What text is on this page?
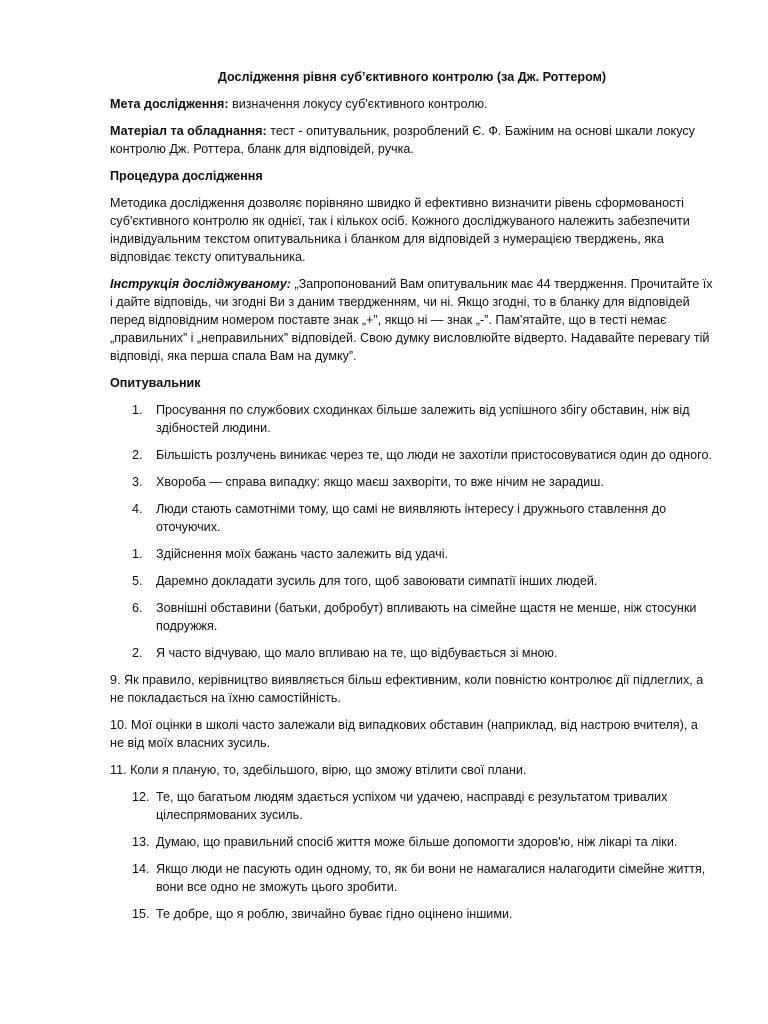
Дослідження рівня суб’єктивного контролю (за Дж. Роттером)

Мета дослідження: визначення локусу суб'єктивного контролю.

Матеріал та обладнання: тест - опитувальник, розроблений Є. Ф. Бажіним на основі шкали локусу контролю Дж. Роттера, бланк для відповідей, ручка.

Процедура дослідження

Методика дослідження дозволяє порівняно швидко й ефективно визначити рівень сформованості суб'єктивного контролю як однієї, так і кількох осіб. Кожного досліджуваного належить забезпечити індивідуальним текстом опитувальника і бланком для відповідей з нумерацією тверджень, яка відповідає тексту опитувальника.

Інструкція досліджуваному: „Запропонований Вам опитувальник має 44 твердження. Прочитайте їх і дайте відповідь, чи згодні Ви з даним твердженням, чи ні. Якщо згодні, то в бланку для відповідей перед відповідним номером поставте знак „+”, якщо ні — знак „-”. Пам'ятайте, що в тесті немає „правильних” і „неправильних” відповідей. Свою думку висловлюйте відверто. Надавайте перевагу тій відповіді, яка перша спала Вам на думку”.

Опитувальник

1. Просування по службових сходинках більше залежить від успішного збігу обставин, ніж від здібностей людини.
2. Більшість розлучень виникає через те, що люди не захотіли пристосовуватися один до одного.
3. Хвороба — справа випадку: якщо маєш захворіти, то вже нічим не зарадиш.
4. Люди стають самотніми тому, що самі не виявляють інтересу і дружнього ставлення до оточуючих.
1. Здійснення моїх бажань часто залежить від удачі.
5. Даремно докладати зусиль для того, щоб завоювати симпатії інших людей.
6. Зовнішні обставини (батьки, добробут) впливають на сімейне щастя не менше, ніж стосунки подружжя.
2. Я часто відчуваю, що мало впливаю на те, що відбувається зі мною.

9. Як правило, керівництво виявляється більш ефективним, коли повністю контролює дії підлеглих, а не покладається на їхню самостійність.

10. Мої оцінки в школі часто залежали від випадкових обставин (наприклад, від настрою вчителя), а не від моїх власних зусиль.

11. Коли я планую, то, здебільшого, вірю, що зможу втілити свої плани.

12. Те, що багатьом людям здається успіхом чи удачею, насправді є результатом тривалих цілеспрямованих зусиль.
13. Думаю, що правильний спосіб життя може більше допомогти здоров'ю, ніж лікарі та ліки.
14. Якщо люди не пасують один одному, то, як би вони не намагалися налагодити сімейне життя, вони все одно не зможуть цього зробити.
15. Те добре, що я роблю, звичайно буває гідно оцінено іншими.
